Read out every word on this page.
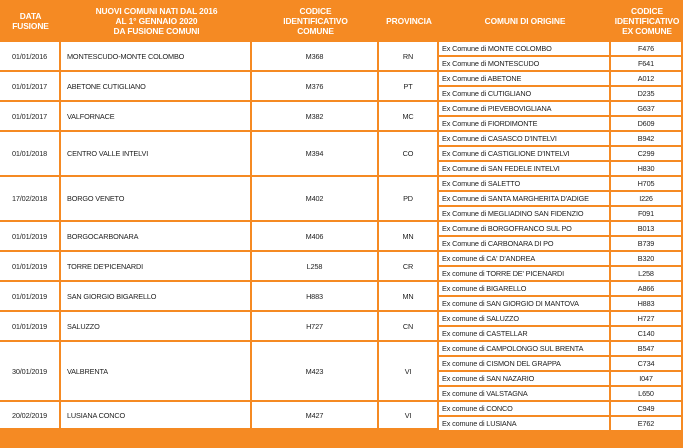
DATA
FUSIONE	NUOVI COMUNI NATI DAL 2016
AL 1° GENNAIO 2020
DA FUSIONE COMUNI	CODICE
IDENTIFICATIVO
COMUNE	PROVINCIA	COMUNI DI ORIGINE	CODICE
IDENTIFICATIVO
EX COMUNE
01/01/2016	MONTESCUDO-MONTE COLOMBO	M368	RN	Ex Comune di MONTE COLOMBO	F476
				Ex Comune di MONTESCUDO	F641
01/01/2017	ABETONE CUTIGLIANO	M376	PT	Ex Comune di ABETONE	A012
				Ex Comune di CUTIGLIANO	D235
01/01/2017	VALFORNACE	M382	MC	Ex Comune di PIEVEBOVIGLIANA	G637
				Ex Comune di FIORDIMONTE	D609
01/01/2018	CENTRO VALLE INTELVI	M394	CO	Ex Comune di CASASCO D'INTELVI	B942
				Ex Comune di CASTIGLIONE D'INTELVI	C299
				Ex Comune di SAN FEDELE INTELVI	H830
17/02/2018	BORGO VENETO	M402	PD	Ex Comune di SALETTO	H705
				Ex Comune di SANTA MARGHERITA D'ADIGE	I226
				Ex Comune di MEGLIADINO SAN FIDENZIO	F091
01/01/2019	BORGOCARBONARA	M406	MN	Ex Comune di BORGOFRANCO SUL PO	B013
				Ex Comune di CARBONARA DI PO	B739
01/01/2019	TORRE DE'PICENARDI	L258	CR	Ex comune di CA' D'ANDREA	B320
				Ex comune di TORRE DE' PICENARDI	L258
01/01/2019	SAN GIORGIO BIGARELLO	H883	MN	Ex comune di BIGARELLO	A866
				Ex comune di SAN GIORGIO DI MANTOVA	H883
01/01/2019	SALUZZO	H727	CN	Ex comune di SALUZZO	H727
				Ex comune di CASTELLAR	C140
30/01/2019	VALBRENTA	M423	VI	Ex comune di CAMPOLONGO SUL BRENTA	B547
				Ex comune di CISMON DEL GRAPPA	C734
				Ex comune di SAN NAZARIO	I047
				Ex comune di VALSTAGNA	L650
20/02/2019	LUSIANA CONCO	M427	VI	Ex comune di CONCO	C949
				Ex comune di LUSIANA	E762
